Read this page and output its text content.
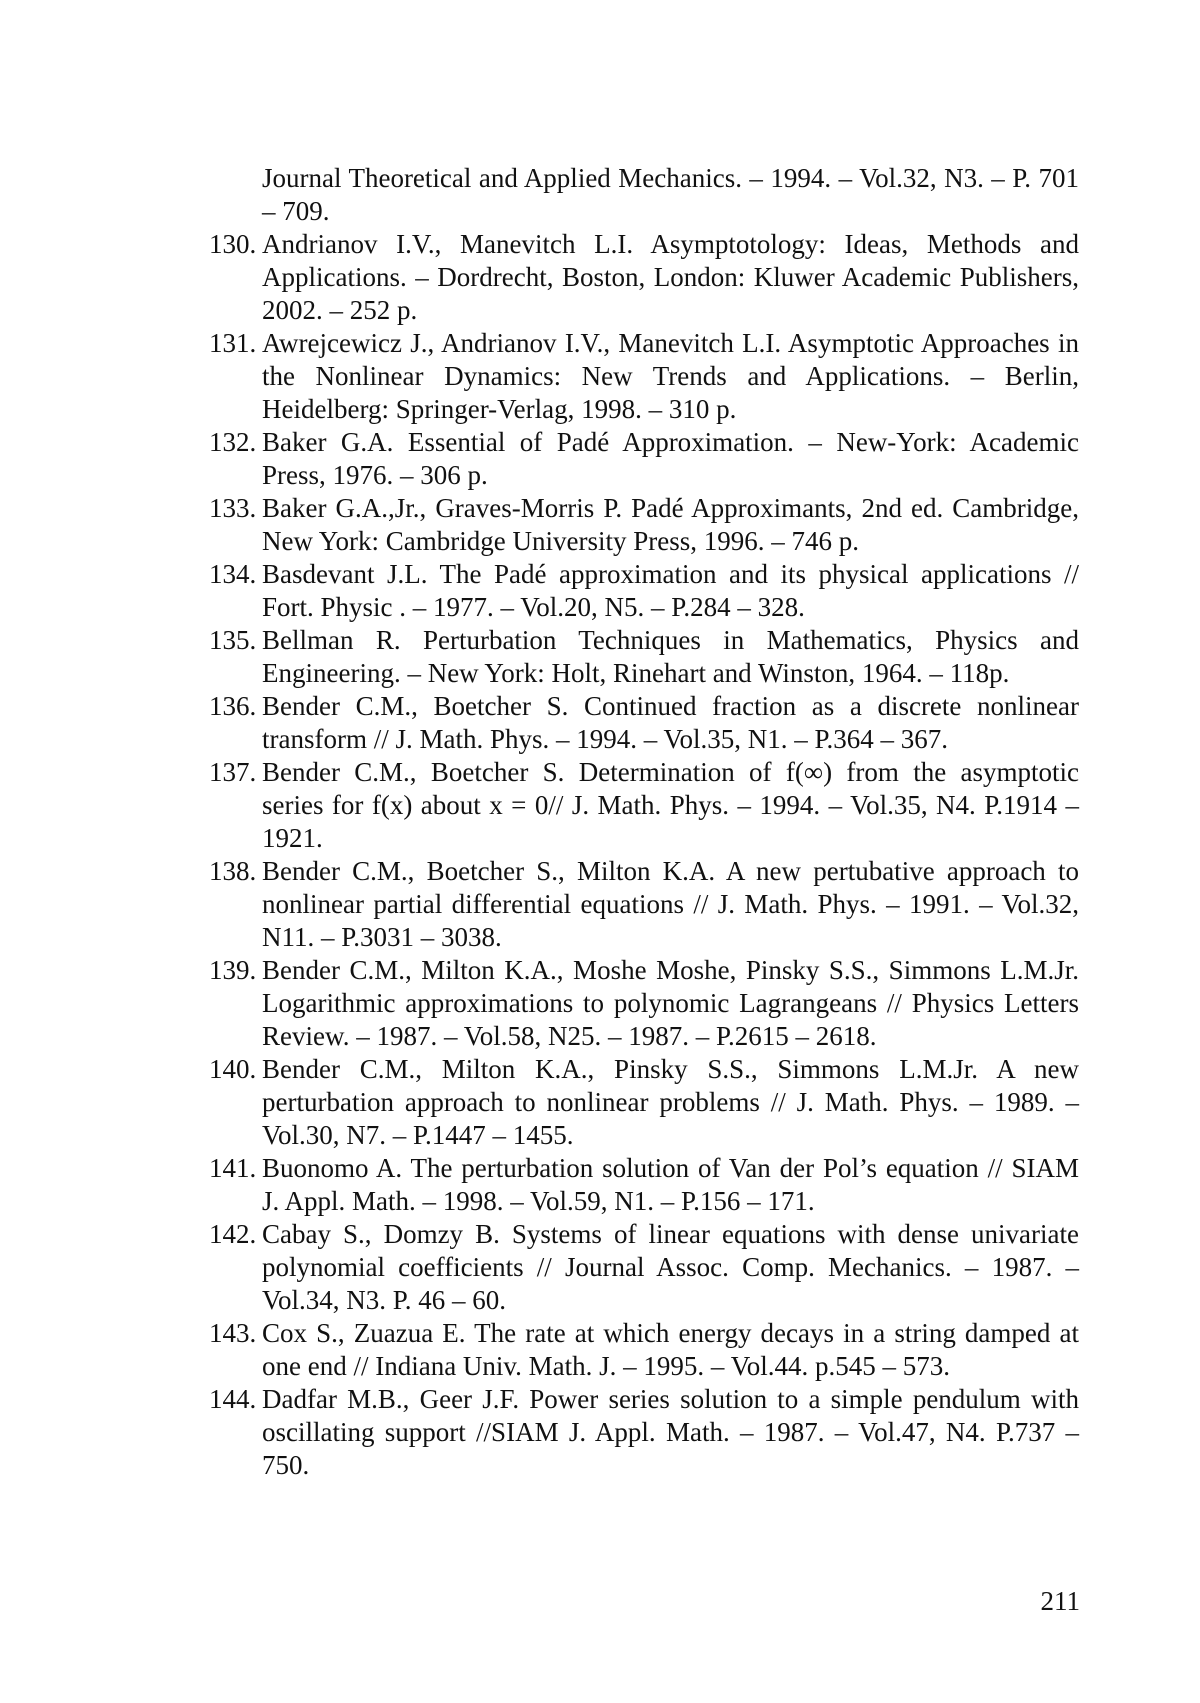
Journal Theoretical and Applied Mechanics. – 1994. – Vol.32, N3. – P. 701 – 709.
130. Andrianov I.V., Manevitch L.I. Asymptotology: Ideas, Methods and Applications. – Dordrecht, Boston, London: Kluwer Academic Publishers, 2002. – 252 p.
131. Awrejcewicz J., Andrianov I.V., Manevitch L.I. Asymptotic Approaches in the Nonlinear Dynamics: New Trends and Applications. – Berlin, Heidelberg: Springer-Verlag, 1998. – 310 p.
132. Baker G.A. Essential of Padé Approximation. – New-York: Academic Press, 1976. – 306 p.
133. Baker G.A.,Jr., Graves-Morris P. Padé Approximants, 2nd ed. Cambridge, New York: Cambridge University Press, 1996. – 746 p.
134. Basdevant J.L. The Padé approximation and its physical applications // Fort. Physic . – 1977. – Vol.20, N5. – P.284 – 328.
135. Bellman R. Perturbation Techniques in Mathematics, Physics and Engineering. – New York: Holt, Rinehart and Winston, 1964. – 118p.
136. Bender C.M., Boetcher S. Continued fraction as a discrete nonlinear transform // J. Math. Phys. – 1994. – Vol.35, N1. – P.364 – 367.
137. Bender C.M., Boetcher S. Determination of f(∞) from the asymptotic series for f(x) about x = 0// J. Math. Phys. – 1994. – Vol.35, N4. P.1914 – 1921.
138. Bender C.M., Boetcher S., Milton K.A. A new pertubative approach to nonlinear partial differential equations // J. Math. Phys. – 1991. – Vol.32, N11. – P.3031 – 3038.
139. Bender C.M., Milton K.A., Moshe Moshe, Pinsky S.S., Simmons L.M.Jr. Logarithmic approximations to polynomic Lagrangeans // Physics Letters Review. – 1987. – Vol.58, N25. – 1987. – P.2615 – 2618.
140. Bender C.M., Milton K.A., Pinsky S.S., Simmons L.M.Jr. A new perturbation approach to nonlinear problems // J. Math. Phys. – 1989. – Vol.30, N7. – P.1447 – 1455.
141. Buonomo A. The perturbation solution of Van der Pol’s equation // SIAM J. Appl. Math. – 1998. – Vol.59, N1. – P.156 – 171.
142. Cabay S., Domzy B. Systems of linear equations with dense univariate polynomial coefficients // Journal Assoc. Comp. Mechanics. – 1987. – Vol.34, N3. P. 46 – 60.
143. Cox S., Zuazua E. The rate at which energy decays in a string damped at one end // Indiana Univ. Math. J. – 1995. – Vol.44. p.545 – 573.
144. Dadfar M.B., Geer J.F. Power series solution to a simple pendulum with oscillating support //SIAM J. Appl. Math. – 1987. – Vol.47, N4. P.737 – 750.
211
